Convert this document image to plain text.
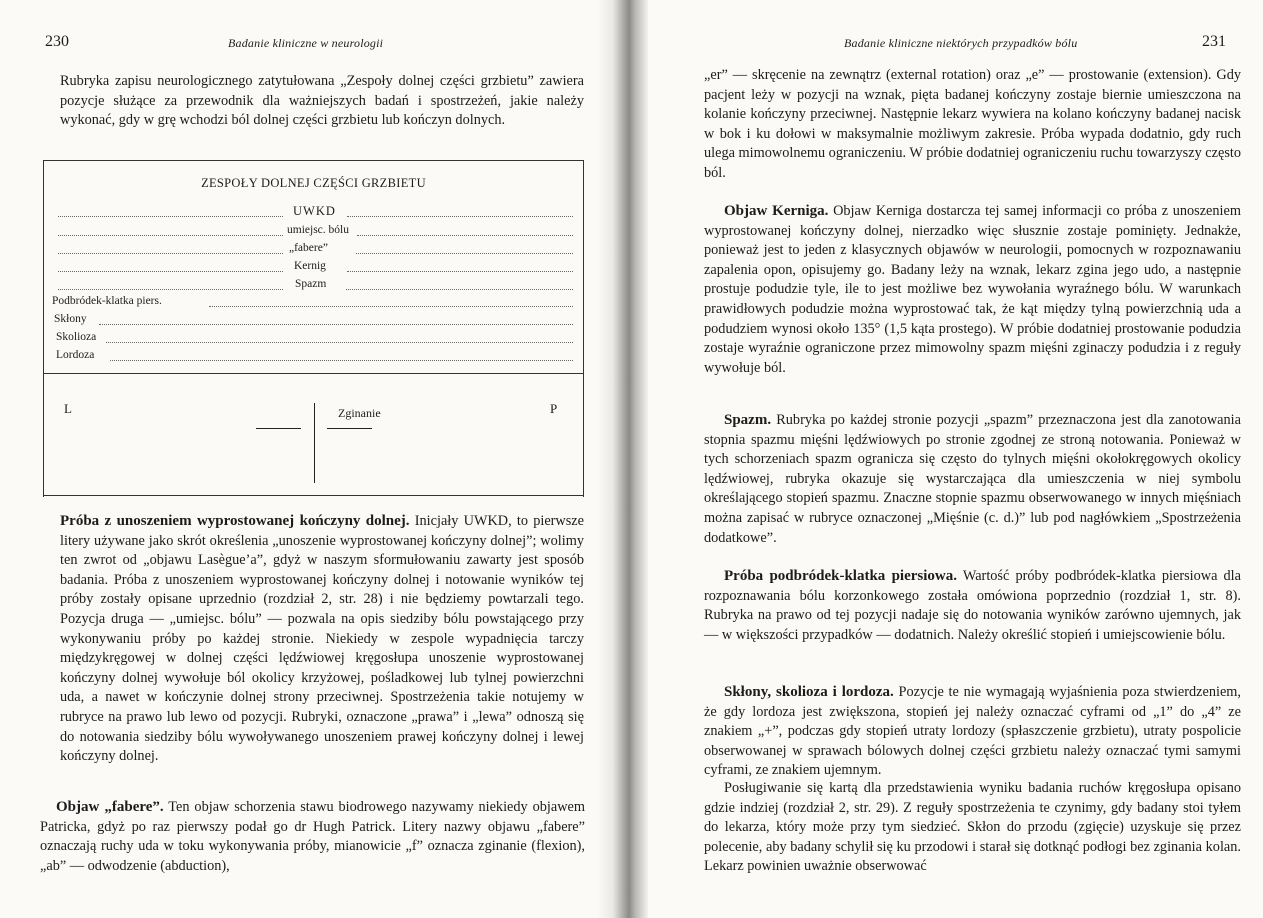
230	Badanie kliniczne w neurologii

Rubryka zapisu neurologicznego zatytułowana „Zespoły dolnej części grzbietu” zawiera pozycje służące za przewodnik dla ważniejszych badań i spostrzeżeń, jakie należy wykonać, gdy w grę wchodzi ból dolnej części grzbietu lub kończyn dolnych.

ZESPOŁY DOLNEJ CZĘŚCI GRZBIETU
UWKD
umiejsc. bólu
„fabere”
Kernig
Spazm
Podbródek-klatka piers.
Skłony
Skolioza
Lordoza
L	P
Zginanie

Próba z unoszeniem wyprostowanej kończyny dolnej. Inicjały UWKD, to pierwsze litery używane jako skrót określenia „unoszenie wyprostowanej kończyny dolnej”; wolimy ten zwrot od „objawu Lasègue’a”, gdyż w naszym sformułowaniu zawarty jest sposób badania. Próba z unoszeniem wyprostowanej kończyny dolnej i notowanie wyników tej próby zostały opisane uprzednio (rozdział 2, str. 28) i nie będziemy powtarzali tego. Pozycja druga — „umiejsc. bólu” — pozwala na opis siedziby bólu powstającego przy wykonywaniu próby po każdej stronie. Niekiedy w zespole wypadnięcia tarczy międzykręgowej w dolnej części lędźwiowej kręgosłupa unoszenie wyprostowanej kończyny dolnej wywołuje ból okolicy krzyżowej, pośladkowej lub tylnej powierzchni uda, a nawet w kończynie dolnej strony przeciwnej. Spostrzeżenia takie notujemy w rubryce na prawo lub lewo od pozycji. Rubryki, oznaczone „prawa” i „lewa” odnoszą się do notowania siedziby bólu wywoływanego unoszeniem prawej kończyny dolnej i lewej kończyny dolnej.

Objaw „fabere”. Ten objaw schorzenia stawu biodrowego nazywamy niekiedy objawem Patricka, gdyż po raz pierwszy podał go dr Hugh Patrick. Litery nazwy objawu „fabere” oznaczają ruchy uda w toku wykonywania próby, mianowicie „f” oznacza zginanie (flexion), „ab” — odwodzenie (abduction),

Badanie kliniczne niektórych przypadków bólu	231

„er” — skręcenie na zewnątrz (external rotation) oraz „e” — prostowanie (extension). Gdy pacjent leży w pozycji na wznak, pięta badanej kończyny zostaje biernie umieszczona na kolanie kończyny przeciwnej. Następnie lekarz wywiera na kolano kończyny badanej nacisk w bok i ku dołowi w maksymalnie możliwym zakresie. Próba wypada dodatnio, gdy ruch ulega mimowolnemu ograniczeniu. W próbie dodatniej ograniczeniu ruchu towarzyszy często ból.

Objaw Kerniga. Objaw Kerniga dostarcza tej samej informacji co próba z unoszeniem wyprostowanej kończyny dolnej, nierzadko więc słusznie zostaje pominięty. Jednakże, ponieważ jest to jeden z klasycznych objawów w neurologii, pomocnych w rozpoznawaniu zapalenia opon, opisujemy go. Badany leży na wznak, lekarz zgina jego udo, a następnie prostuje podudzie tyle, ile to jest możliwe bez wywołania wyraźnego bólu. W warunkach prawidłowych podudzie można wyprostować tak, że kąt między tylną powierzchnią uda a podudziem wynosi około 135° (1,5 kąta prostego). W próbie dodatniej prostowanie podudzia zostaje wyraźnie ograniczone przez mimowolny spazm mięśni zginaczy podudzia i z reguły wywołuje ból.

Spazm. Rubryka po każdej stronie pozycji „spazm” przeznaczona jest dla zanotowania stopnia spazmu mięśni lędźwiowych po stronie zgodnej ze stroną notowania. Ponieważ w tych schorzeniach spazm ogranicza się często do tylnych mięśni okołokręgowych okolicy lędźwiowej, rubryka okazuje się wystarczająca dla umieszczenia w niej symbolu określającego stopień spazmu. Znaczne stopnie spazmu obserwowanego w innych mięśniach można zapisać w rubryce oznaczonej „Mięśnie (c. d.)” lub pod nagłówkiem „Spostrzeżenia dodatkowe”.

Próba podbródek-klatka piersiowa. Wartość próby podbródek-klatka piersiowa dla rozpoznawania bólu korzonkowego została omówiona poprzednio (rozdział 1, str. 8). Rubryka na prawo od tej pozycji nadaje się do notowania wyników zarówno ujemnych, jak — w większości przypadków — dodatnich. Należy określić stopień i umiejscowienie bólu.

Skłony, skolioza i lordoza. Pozycje te nie wymagają wyjaśnienia poza stwierdzeniem, że gdy lordoza jest zwiększona, stopień jej należy oznaczać cyframi od „1” do „4” ze znakiem „+”, podczas gdy stopień utraty lordozy (spłaszczenie grzbietu), utraty pospolicie obserwowanej w sprawach bólowych dolnej części grzbietu należy oznaczać tymi samymi cyframi, ze znakiem ujemnym.

Posługiwanie się kartą dla przedstawienia wyniku badania ruchów kręgosłupa opisano gdzie indziej (rozdział 2, str. 29). Z reguły spostrzeżenia te czynimy, gdy badany stoi tyłem do lekarza, który może przy tym siedzieć. Skłon do przodu (zgięcie) uzyskuje się przez polecenie, aby badany schylił się ku przodowi i starał się dotknąć podłogi bez zginania kolan. Lekarz powinien uważnie obserwować
